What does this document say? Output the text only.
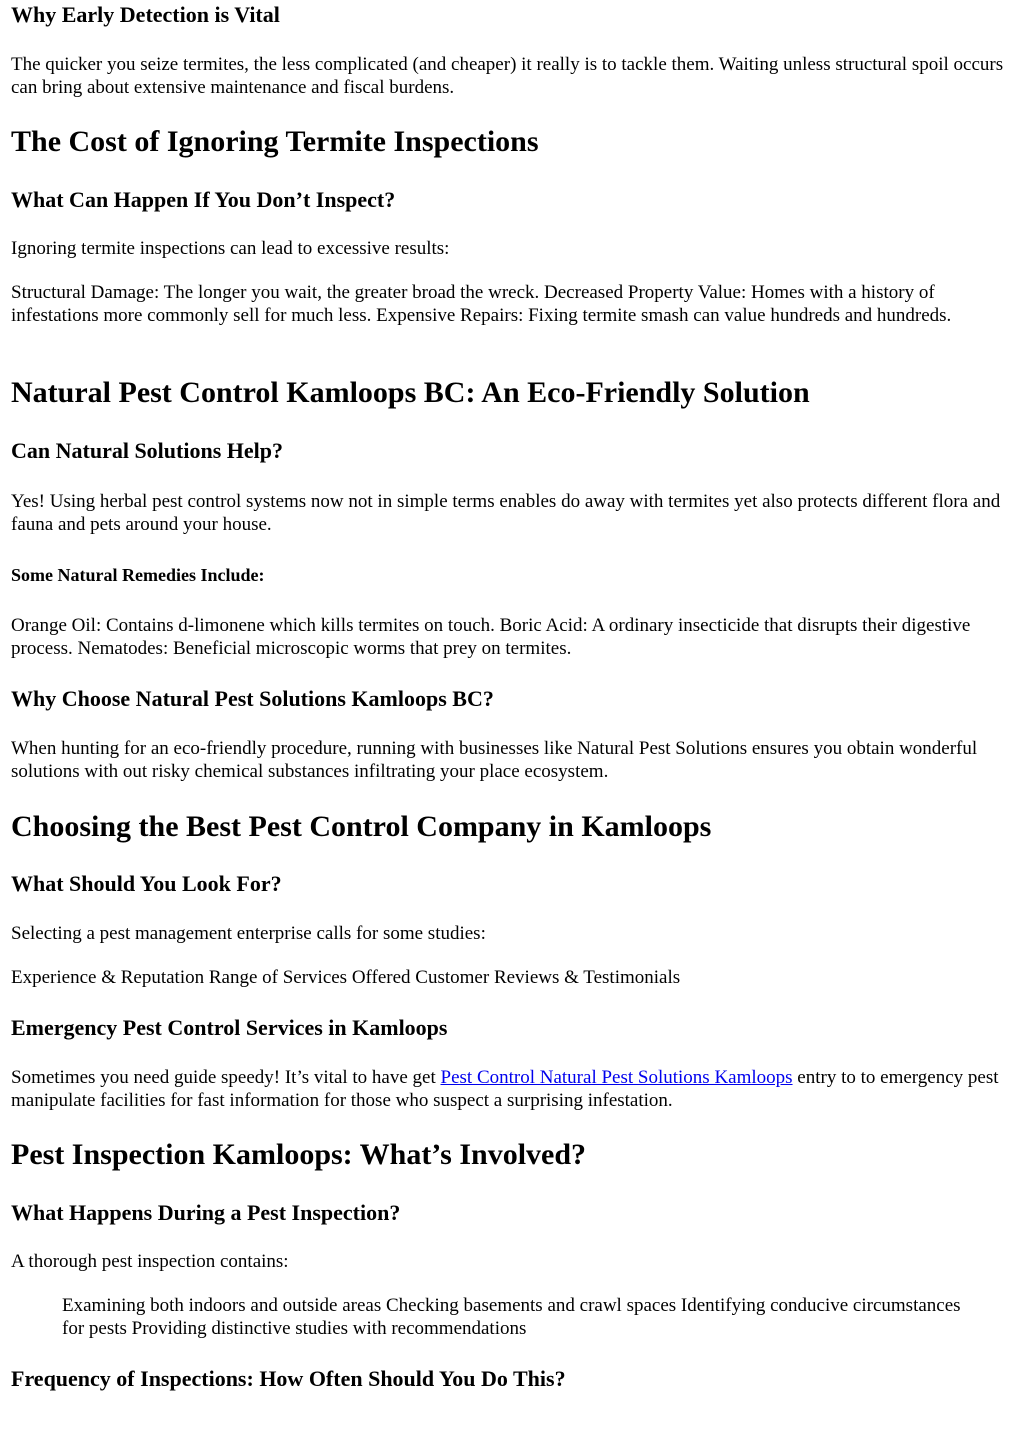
Why Early Detection is Vital

The quicker you seize termites, the less complicated (and cheaper) it really is to tackle them. Waiting unless structural spoil occurs can bring about extensive maintenance and fiscal burdens.

The Cost of Ignoring Termite Inspections
What Can Happen If You Don’t Inspect?

Ignoring termite inspections can lead to excessive results:

Structural Damage: The longer you wait, the greater broad the wreck. Decreased Property Value: Homes with a history of infestations more commonly sell for much less. Expensive Repairs: Fixing termite smash can value hundreds and hundreds.

Natural Pest Control Kamloops BC: An Eco-Friendly Solution
Can Natural Solutions Help?

Yes! Using herbal pest control systems now not in simple terms enables do away with termites yet also protects different flora and fauna and pets around your house.

Some Natural Remedies Include:

Orange Oil: Contains d-limonene which kills termites on touch. Boric Acid: A ordinary insecticide that disrupts their digestive process. Nematodes: Beneficial microscopic worms that prey on termites.

Why Choose Natural Pest Solutions Kamloops BC?

When hunting for an eco-friendly procedure, running with businesses like Natural Pest Solutions ensures you obtain wonderful solutions with out risky chemical substances infiltrating your place ecosystem.

Choosing the Best Pest Control Company in Kamloops
What Should You Look For?

Selecting a pest management enterprise calls for some studies:

Experience & Reputation Range of Services Offered Customer Reviews & Testimonials

Emergency Pest Control Services in Kamloops

Sometimes you need guide speedy! It’s vital to have get Pest Control Natural Pest Solutions Kamloops entry to to emergency pest manipulate facilities for fast information for those who suspect a surprising infestation.

Pest Inspection Kamloops: What’s Involved?
What Happens During a Pest Inspection?

A thorough pest inspection contains:

Examining both indoors and outside areas Checking basements and crawl spaces Identifying conducive circumstances for pests Providing distinctive studies with recommendations

Frequency of Inspections: How Often Should You Do This?
